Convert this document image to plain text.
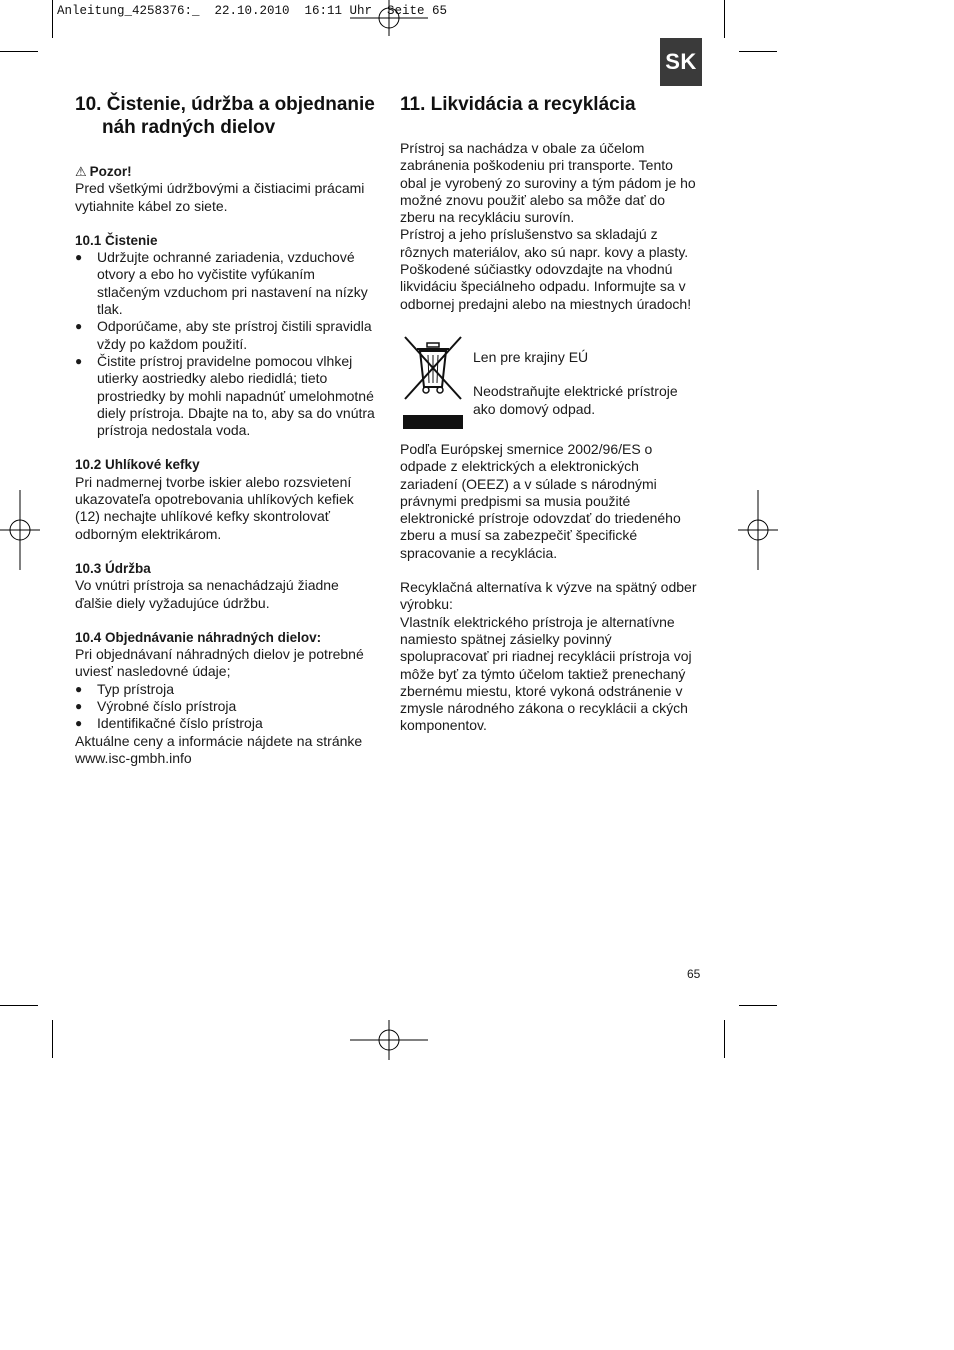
Anleitung_4258376:_  22.10.2010  16:11 Uhr  Seite 65
SK
10. Čistenie, údržba a objednanie náh radných dielov
⚠ Pozor!

Pred všetkými údržbovými a čistiacimi prácami vytiahnite kábel zo siete.

10.1 Čistenie
● Udržujte ochranné zariadenia, vzduchové otvory a ebo ho vyčistite vyfúkaním stlačeným vzduchom pri nastavení na nízky tlak.
● Odporúčame, aby ste prístroj čistili spravidla vždy po každom použití.
● Čistite prístroj pravidelne pomocou vlhkej utierky aostriedky alebo riedidlá; tieto prostriedky by mohli napadnúť umelohmotné diely prístroja. Dbajte na to, aby sa do vnútra prístroja nedostala voda.
10.2 Uhlíkové kefky

Pri nadmernej tvorbe iskier alebo rozsvietení ukazovateľa opotrebovania uhlíkových kefiek (12) nechajte uhlíkové kefky skontrolovať odborným elektrikárom.

10.3 Údržba

Vo vnútri prístroja sa nenachádzajú žiadne ďalšie diely vyžadujúce údržbu.

10.4 Objednávanie náhradných dielov:

Pri objednávaní náhradných dielov je potrebné uviesť nasledovné údaje;

● Typ prístroja
● Výrobné číslo prístroja
● Identifikačné číslo prístroja

Aktuálne ceny a informácie nájdete na stránke www.isc-gmbh.info

11. Likvidácia a recyklácia

Prístroj sa nachádza v obale za účelom zabránenia poškodeniu pri transporte. Tento obal je vyrobený zo suroviny a tým pádom je ho možné znovu použiť alebo sa môže dať do zberu na recykláciu surovín.

Prístroj a jeho príslušenstvo sa skladajú z rôznych materiálov, ako sú napr. kovy a plasty. Poškodené súčiastky odovzdajte na vhodnú likvidáciu špeciálneho odpadu. Informujte sa v odbornej predajni alebo na miestnych úradoch!

Len pre krajiny EÚ

Neodstraňujte elektrické prístroje ako domový odpad.

Podľa Európskej smernice 2002/96/ES o odpade z elektrických a elektronických zariadení (OEEZ) a v súlade s národnými právnymi predpismi sa musia použité elektronické prístroje odovzdať do triedeného zberu a musí sa zabezpečiť špecifické spracovanie a recyklácia.

Recyklačná alternatíva k výzve na spätný odber výrobku:

Vlastník elektrického prístroja je alternatívne namiesto spätnej zásielky povinný spolupracovať pri riadnej recyklácii prístroja voj môže byť za týmto účelom taktiež prenechaný zbernému miestu, ktoré vykoná odstránenie v zmysle národného zákona o recyklácii a ckých komponentov.

65
